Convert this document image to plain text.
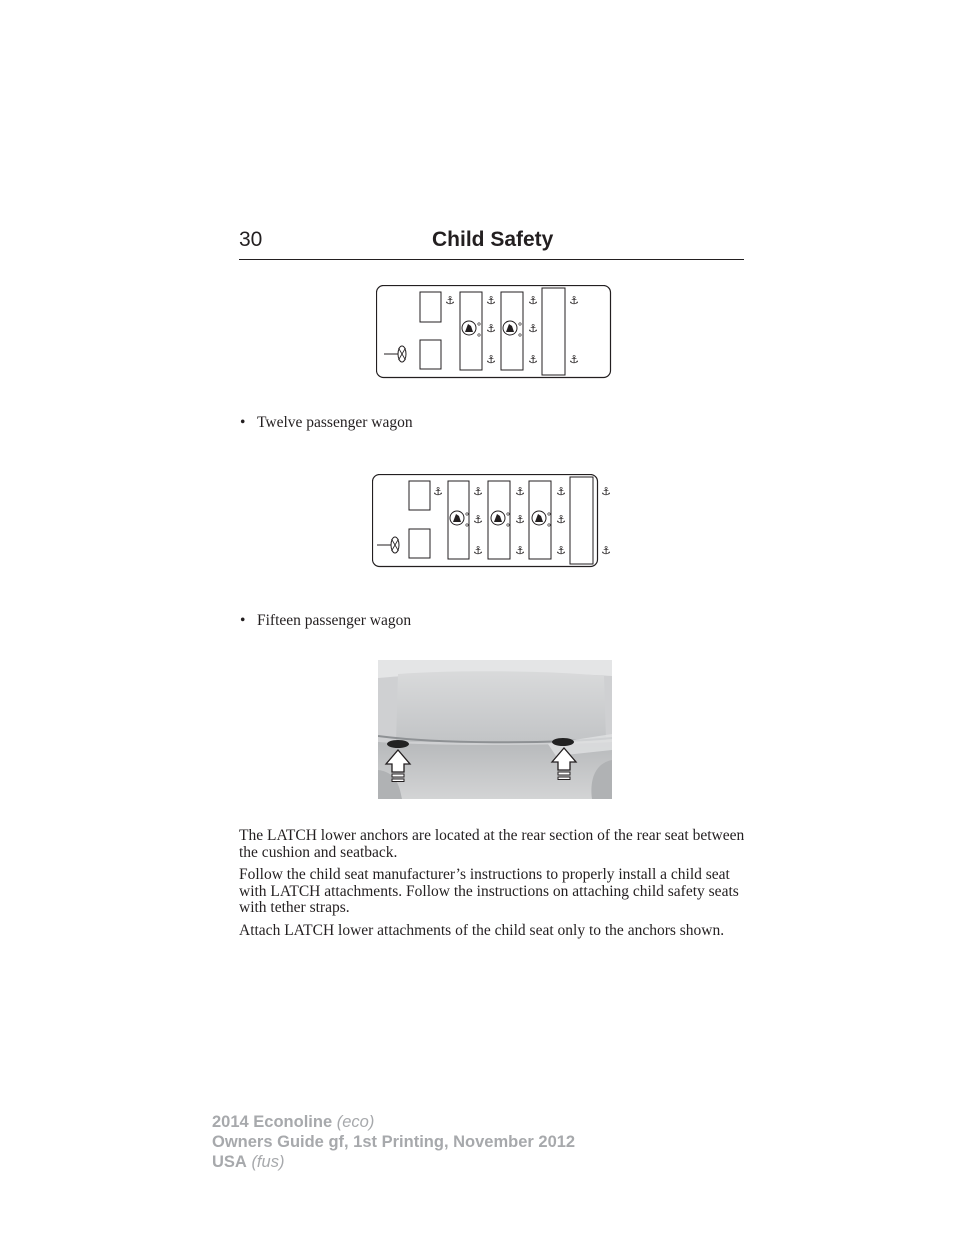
30	Child Safety
⚓	⚓
⚓
⚓
⚓
⚓
⚓
⚓
⚓
• Twelve passenger wagon
⚓	⚓
⚓
⚓
⚓
⚓
⚓
⚓
⚓
⚓
⚓
⚓
• Fifteen passenger wagon

The LATCH lower anchors are located at the rear section of the rear seat between the cushion and seatback.

Follow the child seat manufacturer’s instructions to properly install a child seat with LATCH attachments. Follow the instructions on attaching child safety seats with tether straps.

Attach LATCH lower attachments of the child seat only to the anchors shown.

2014 Econoline (eco)
Owners Guide gf, 1st Printing, November 2012
USA (fus)
